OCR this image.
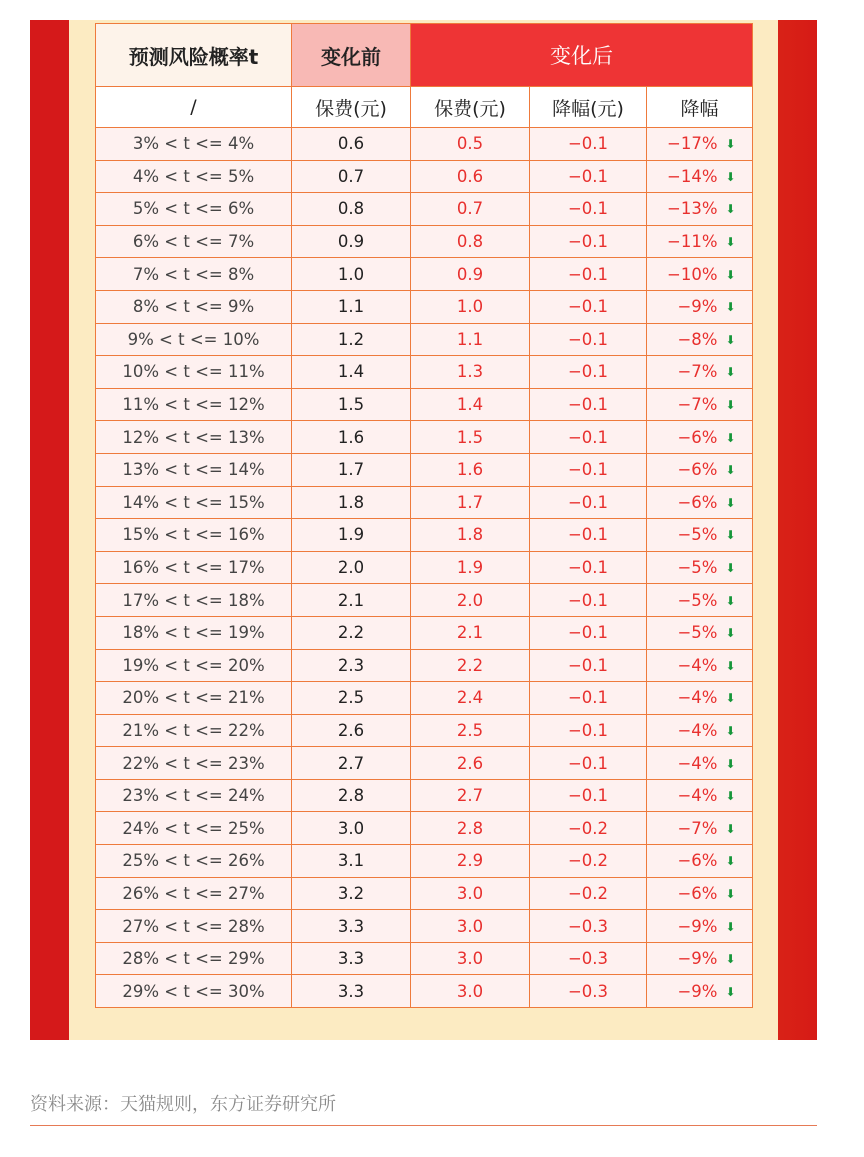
预测风险概率t	变化前	变化后		
/	保费(元)	保费(元)	降幅(元)	降幅
3% < t <= 4%	0.6	0.5	−0.1	−17% ⬇
4% < t <= 5%	0.7	0.6	−0.1	−14% ⬇
5% < t <= 6%	0.8	0.7	−0.1	−13% ⬇
6% < t <= 7%	0.9	0.8	−0.1	−11% ⬇
7% < t <= 8%	1.0	0.9	−0.1	−10% ⬇
8% < t <= 9%	1.1	1.0	−0.1	−9% ⬇
9% < t <= 10%	1.2	1.1	−0.1	−8% ⬇
10% < t <= 11%	1.4	1.3	−0.1	−7% ⬇
11% < t <= 12%	1.5	1.4	−0.1	−7% ⬇
12% < t <= 13%	1.6	1.5	−0.1	−6% ⬇
13% < t <= 14%	1.7	1.6	−0.1	−6% ⬇
14% < t <= 15%	1.8	1.7	−0.1	−6% ⬇
15% < t <= 16%	1.9	1.8	−0.1	−5% ⬇
16% < t <= 17%	2.0	1.9	−0.1	−5% ⬇
17% < t <= 18%	2.1	2.0	−0.1	−5% ⬇
18% < t <= 19%	2.2	2.1	−0.1	−5% ⬇
19% < t <= 20%	2.3	2.2	−0.1	−4% ⬇
20% < t <= 21%	2.5	2.4	−0.1	−4% ⬇
21% < t <= 22%	2.6	2.5	−0.1	−4% ⬇
22% < t <= 23%	2.7	2.6	−0.1	−4% ⬇
23% < t <= 24%	2.8	2.7	−0.1	−4% ⬇
24% < t <= 25%	3.0	2.8	−0.2	−7% ⬇
25% < t <= 26%	3.1	2.9	−0.2	−6% ⬇
26% < t <= 27%	3.2	3.0	−0.2	−6% ⬇
27% < t <= 28%	3.3	3.0	−0.3	−9% ⬇
28% < t <= 29%	3.3	3.0	−0.3	−9% ⬇
29% < t <= 30%	3.3	3.0	−0.3	−9% ⬇
资料来源：天猫规则，东方证券研究所
